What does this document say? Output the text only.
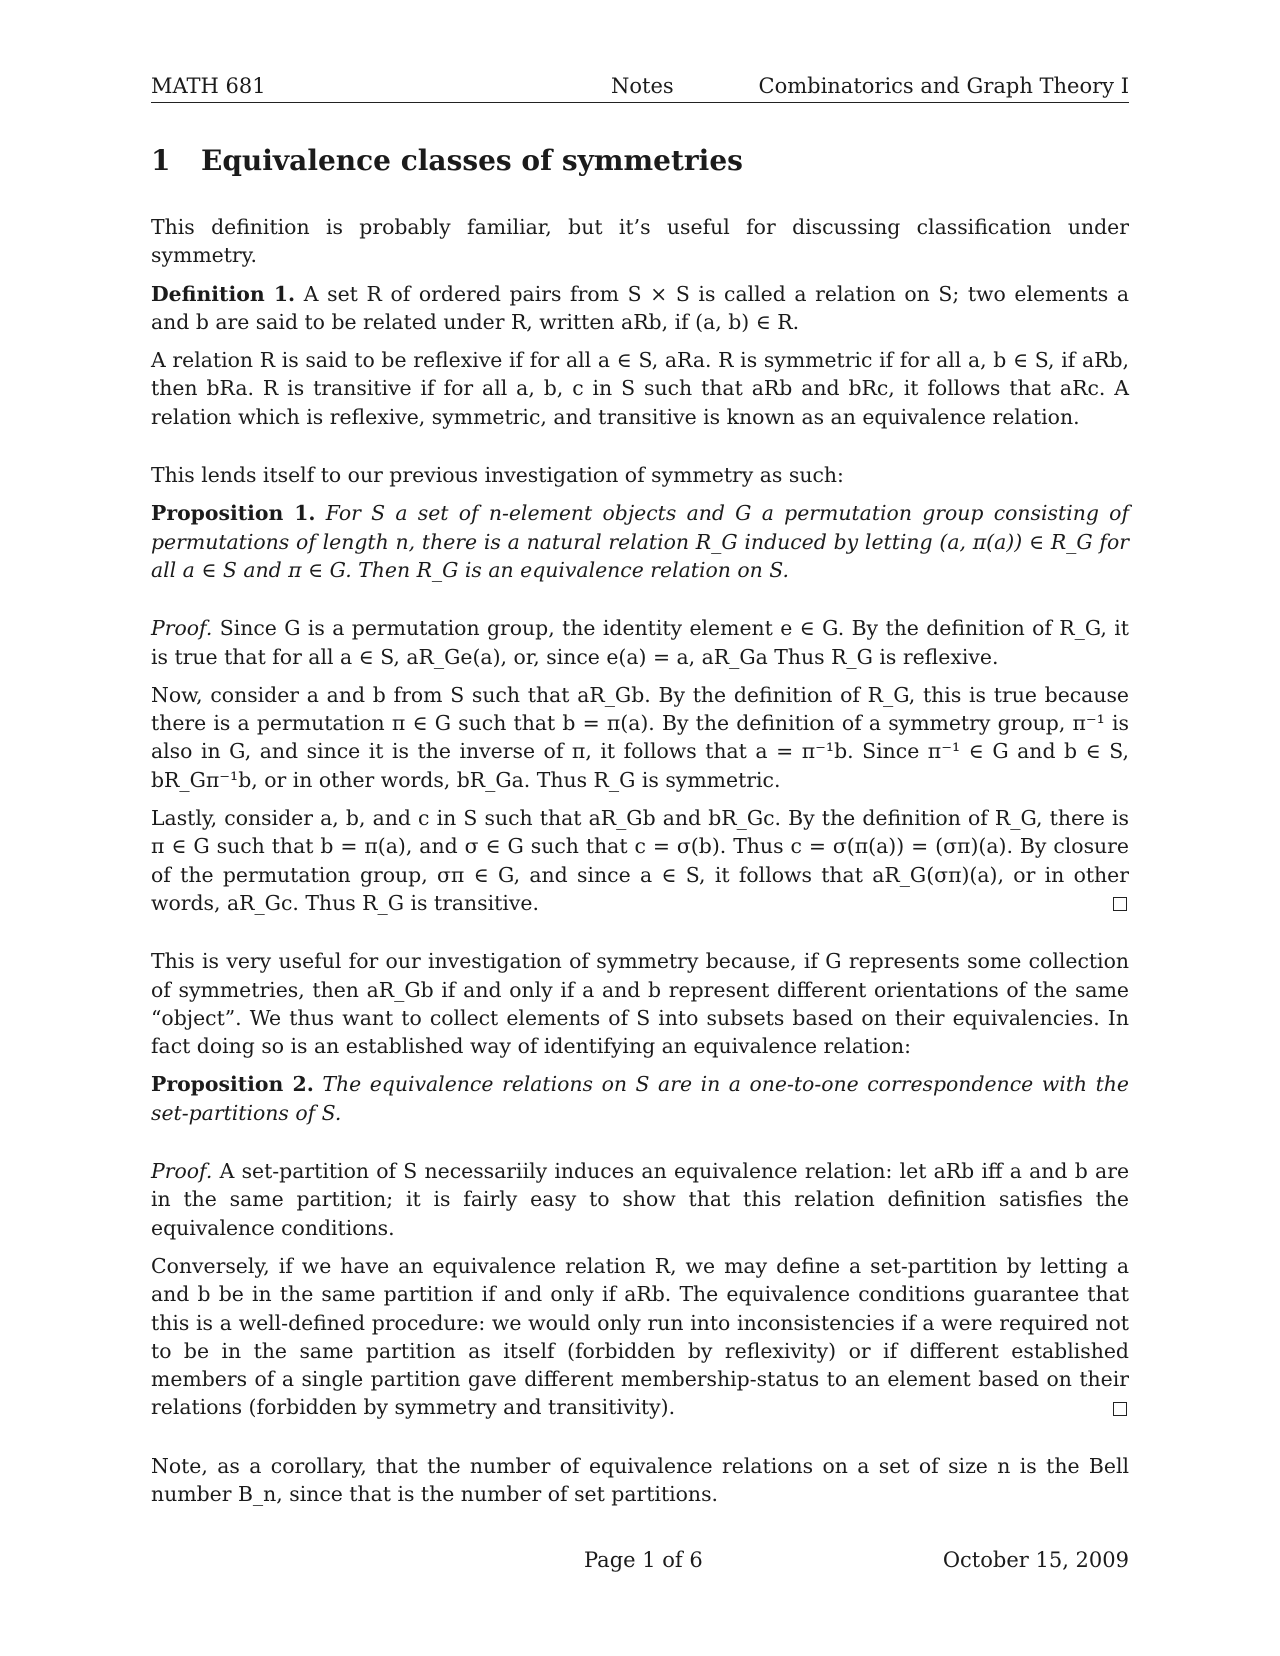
MATH 681	Notes	Combinatorics and Graph Theory I
1 Equivalence classes of symmetries

This definition is probably familiar, but it’s useful for discussing classification under symmetry.

Definition 1. A set R of ordered pairs from S × S is called a relation on S; two elements a and b are said to be related under R, written aRb, if (a, b) ∈ R.

A relation R is said to be reflexive if for all a ∈ S, aRa. R is symmetric if for all a, b ∈ S, if aRb, then bRa. R is transitive if for all a, b, c in S such that aRb and bRc, it follows that aRc. A relation which is reflexive, symmetric, and transitive is known as an equivalence relation.

This lends itself to our previous investigation of symmetry as such:

Proposition 1. For S a set of n-element objects and G a permutation group consisting of permutations of length n, there is a natural relation R_G induced by letting (a, π(a)) ∈ R_G for all a ∈ S and π ∈ G. Then R_G is an equivalence relation on S.

Proof. Since G is a permutation group, the identity element e ∈ G. By the definition of R_G, it is true that for all a ∈ S, aR_Ge(a), or, since e(a) = a, aR_Ga Thus R_G is reflexive.

Now, consider a and b from S such that aR_Gb. By the definition of R_G, this is true because there is a permutation π ∈ G such that b = π(a). By the definition of a symmetry group, π⁻¹ is also in G, and since it is the inverse of π, it follows that a = π⁻¹b. Since π⁻¹ ∈ G and b ∈ S, bR_Gπ⁻¹b, or in other words, bR_Ga. Thus R_G is symmetric.

Lastly, consider a, b, and c in S such that aR_Gb and bR_Gc. By the definition of R_G, there is π ∈ G such that b = π(a), and σ ∈ G such that c = σ(b). Thus c = σ(π(a)) = (σπ)(a). By closure of the permutation group, σπ ∈ G, and since a ∈ S, it follows that aR_G(σπ)(a), or in other words, aR_Gc. Thus R_G is transitive.

This is very useful for our investigation of symmetry because, if G represents some collection of symmetries, then aR_Gb if and only if a and b represent different orientations of the same “object”. We thus want to collect elements of S into subsets based on their equivalencies. In fact doing so is an established way of identifying an equivalence relation:

Proposition 2. The equivalence relations on S are in a one-to-one correspondence with the set-partitions of S.

Proof. A set-partition of S necessariily induces an equivalence relation: let aRb iff a and b are in the same partition; it is fairly easy to show that this relation definition satisfies the equivalence conditions.

Conversely, if we have an equivalence relation R, we may define a set-partition by letting a and b be in the same partition if and only if aRb. The equivalence conditions guarantee that this is a well-defined procedure: we would only run into inconsistencies if a were required not to be in the same partition as itself (forbidden by reflexivity) or if different established members of a single partition gave different membership-status to an element based on their relations (forbidden by symmetry and transitivity).

Note, as a corollary, that the number of equivalence relations on a set of size n is the Bell number B_n, since that is the number of set partitions.

Page 1 of 6	October 15, 2009
